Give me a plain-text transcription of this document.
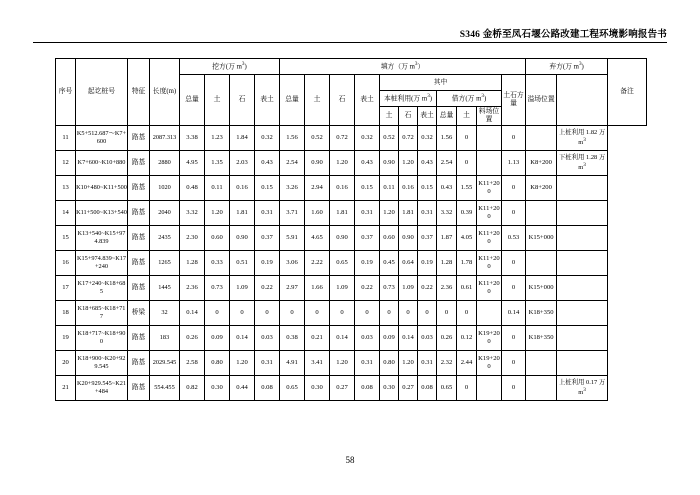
S346 金桥至凤石堰公路改建工程环境影响报告书
序号	起讫桩号	特征	长度(m)	挖方(万 $m^3$)				填方（万 $m^3$）											弃方(万 $m^3$)		备注
				总量	土	石	表土	总量	土	石	表土	其中						土石方量	溢场位置		
												本桩利用(万 $m^3$)			借方(万 $m^3$)						
												土	石	表土	总量	土	料场位置				
11	K5+512.687～K7+600	路基	2087.313	3.38	1.23	1.84	0.32	1.56	0.52	0.72	0.32	0.52	0.72	0.32	1.56	0		0		上桩利用 1.82 万 $m^3$
12	K7+600~K10+880	路基	2880	4.95	1.35	2.03	0.43	2.54	0.90	1.20	0.43	0.90	1.20	0.43	2.54	0		1.13	K8+200	下桩利用 1.28 万 $m^3$
13	K10+480~K11+500	路基	1020	0.48	0.11	0.16	0.15	3.26	2.94	0.16	0.15	0.11	0.16	0.15	0.43	1.55	K11+200	0	K8+200		
14	K11+500~K13+540	路基	2040	3.32	1.20	1.81	0.31	3.71	1.60	1.81	0.31	1.20	1.81	0.31	3.32	0.39	K11+200	0			
15	K13+540~K15+974.839	路基	2435	2.30	0.60	0.90	0.37	5.91	4.65	0.90	0.37	0.60	0.90	0.37	1.87	4.05	K11+200	0.53	K15+000		
16	K15+974.839~K17+240	路基	1265	1.28	0.33	0.51	0.19	3.06	2.22	0.65	0.19	0.45	0.64	0.19	1.28	1.78	K11+200	0			
17	K17+240~K18+685	路基	1445	2.36	0.73	1.09	0.22	2.97	1.66	1.09	0.22	0.73	1.09	0.22	2.36	0.61	K11+200	0	K15+000		
18	K18+685~K18+717	桥梁	32	0.14	0	0	0	0	0	0	0	0	0	0	0	0		0.14	K18+350		
19	K18+717~K18+900	路基	183	0.26	0.09	0.14	0.03	0.38	0.21	0.14	0.03	0.09	0.14	0.03	0.26	0.12	K19+200	0	K18+350		
20	K18+900~K20+929.545	路基	2029.545	2.58	0.80	1.20	0.31	4.91	3.41	1.20	0.31	0.80	1.20	0.31	2.32	2.44	K19+200	0			
21	K20+929.545~K21+484	路基	554.455	0.82	0.30	0.44	0.08	0.65	0.30	0.27	0.08	0.30	0.27	0.08	0.65	0		0		上桩利用 0.17 万 $m^3$
58
